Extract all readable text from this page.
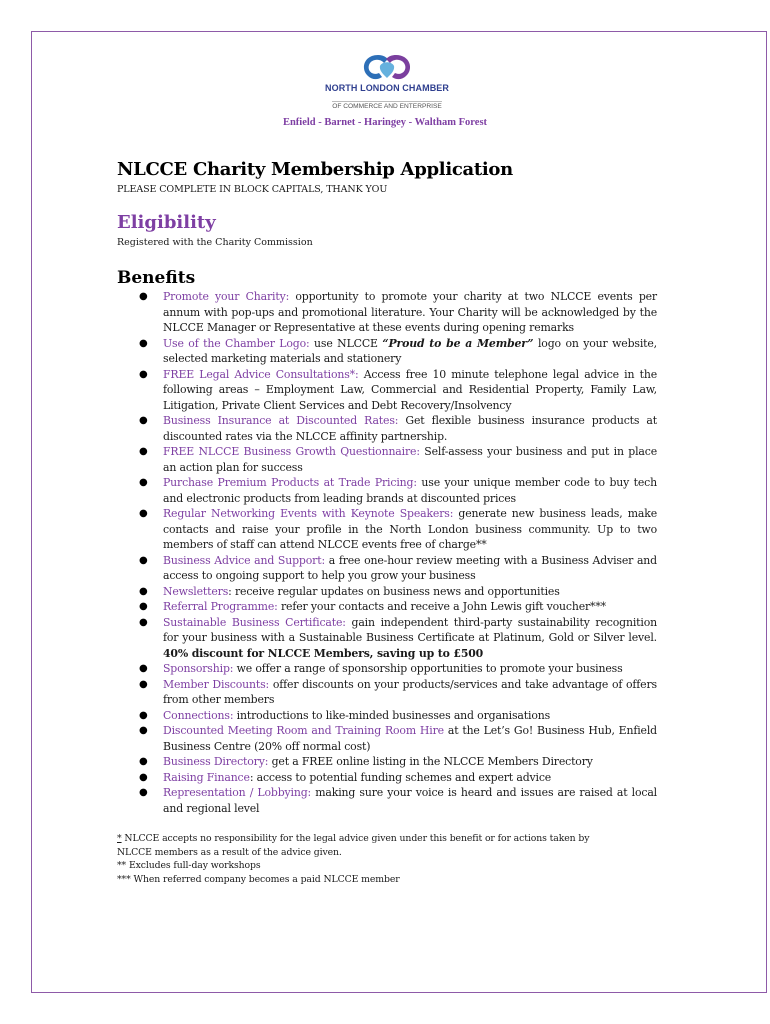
NORTH LONDON CHAMBER
OF COMMERCE AND ENTERPRISE
Enfield - Barnet - Haringey - Waltham Forest
NLCCE Charity Membership Application
PLEASE COMPLETE IN BLOCK CAPITALS, THANK YOU
Eligibility
Registered with the Charity Commission
Benefits
● Promote your Charity: opportunity to promote your charity at two NLCCE events per annum with pop-ups and promotional literature. Your Charity will be acknowledged by the NLCCE Manager or Representative at these events during opening remarks
● Use of the Chamber Logo: use NLCCE “Proud to be a Member” logo on your website, selected marketing materials and stationery
● FREE Legal Advice Consultations*: Access free 10 minute telephone legal advice in the following areas – Employment Law, Commercial and Residential Property, Family Law, Litigation, Private Client Services and Debt Recovery/Insolvency
● Business Insurance at Discounted Rates: Get flexible business insurance products at discounted rates via the NLCCE affinity partnership.
● FREE NLCCE Business Growth Questionnaire: Self-assess your business and put in place an action plan for success
● Purchase Premium Products at Trade Pricing: use your unique member code to buy tech and electronic products from leading brands at discounted prices
● Regular Networking Events with Keynote Speakers: generate new business leads, make contacts and raise your profile in the North London business community. Up to two members of staff can attend NLCCE events free of charge**
● Business Advice and Support: a free one-hour review meeting with a Business Adviser and access to ongoing support to help you grow your business
● Newsletters: receive regular updates on business news and opportunities
● Referral Programme: refer your contacts and receive a John Lewis gift voucher***
● Sustainable Business Certificate: gain independent third-party sustainability recognition for your business with a Sustainable Business Certificate at Platinum, Gold or Silver level. 40% discount for NLCCE Members, saving up to £500
● Sponsorship: we offer a range of sponsorship opportunities to promote your business
● Member Discounts: offer discounts on your products/services and take advantage of offers from other members
● Connections: introductions to like-minded businesses and organisations
● Discounted Meeting Room and Training Room Hire at the Let’s Go! Business Hub, Enfield Business Centre (20% off normal cost)
● Business Directory: get a FREE online listing in the NLCCE Members Directory
● Raising Finance: access to potential funding schemes and expert advice
● Representation / Lobbying: making sure your voice is heard and issues are raised at local and regional level
* NLCCE accepts no responsibility for the legal advice given under this benefit or for actions taken by
NLCCE members as a result of the advice given.
** Excludes full-day workshops
*** When referred company becomes a paid NLCCE member
